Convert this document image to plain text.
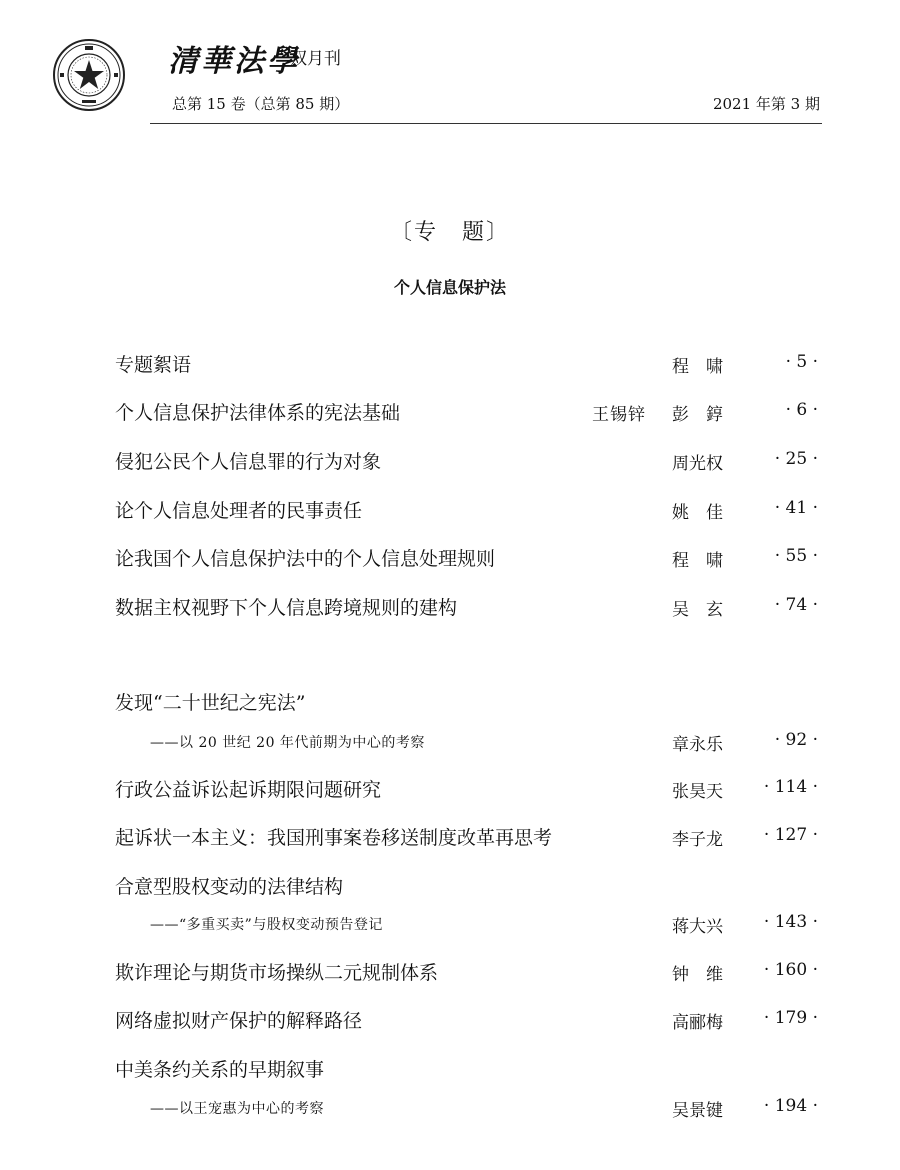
清華法學
双月刊
总第 15 卷（总第 85 期）	2021 年第 3 期
〔专　题〕
个人信息保护法
专题絮语	程　啸	· 5 ·
个人信息保护法律体系的宪法基础	王锡锌 彭　錞	· 6 ·
侵犯公民个人信息罪的行为对象	周光权	· 25 ·
论个人信息处理者的民事责任	姚　佳	· 41 ·
论我国个人信息保护法中的个人信息处理规则	程　啸	· 55 ·
数据主权视野下个人信息跨境规则的建构	吴　玄	· 74 ·
发现“二十世纪之宪法”
——以 20 世纪 20 年代前期为中心的考察	章永乐	· 92 ·
行政公益诉讼起诉期限问题研究	张昊天 · 114 ·
起诉状一本主义：我国刑事案卷移送制度改革再思考	李子龙 · 127 ·
合意型股权变动的法律结构
——“多重买卖”与股权变动预告登记	蒋大兴 · 143 ·
欺诈理论与期货市场操纵二元规制体系	钟　维 · 160 ·
网络虚拟财产保护的解释路径	高郦梅 · 179 ·
中美条约关系的早期叙事
——以王宠惠为中心的考察	吴景键 · 194 ·
